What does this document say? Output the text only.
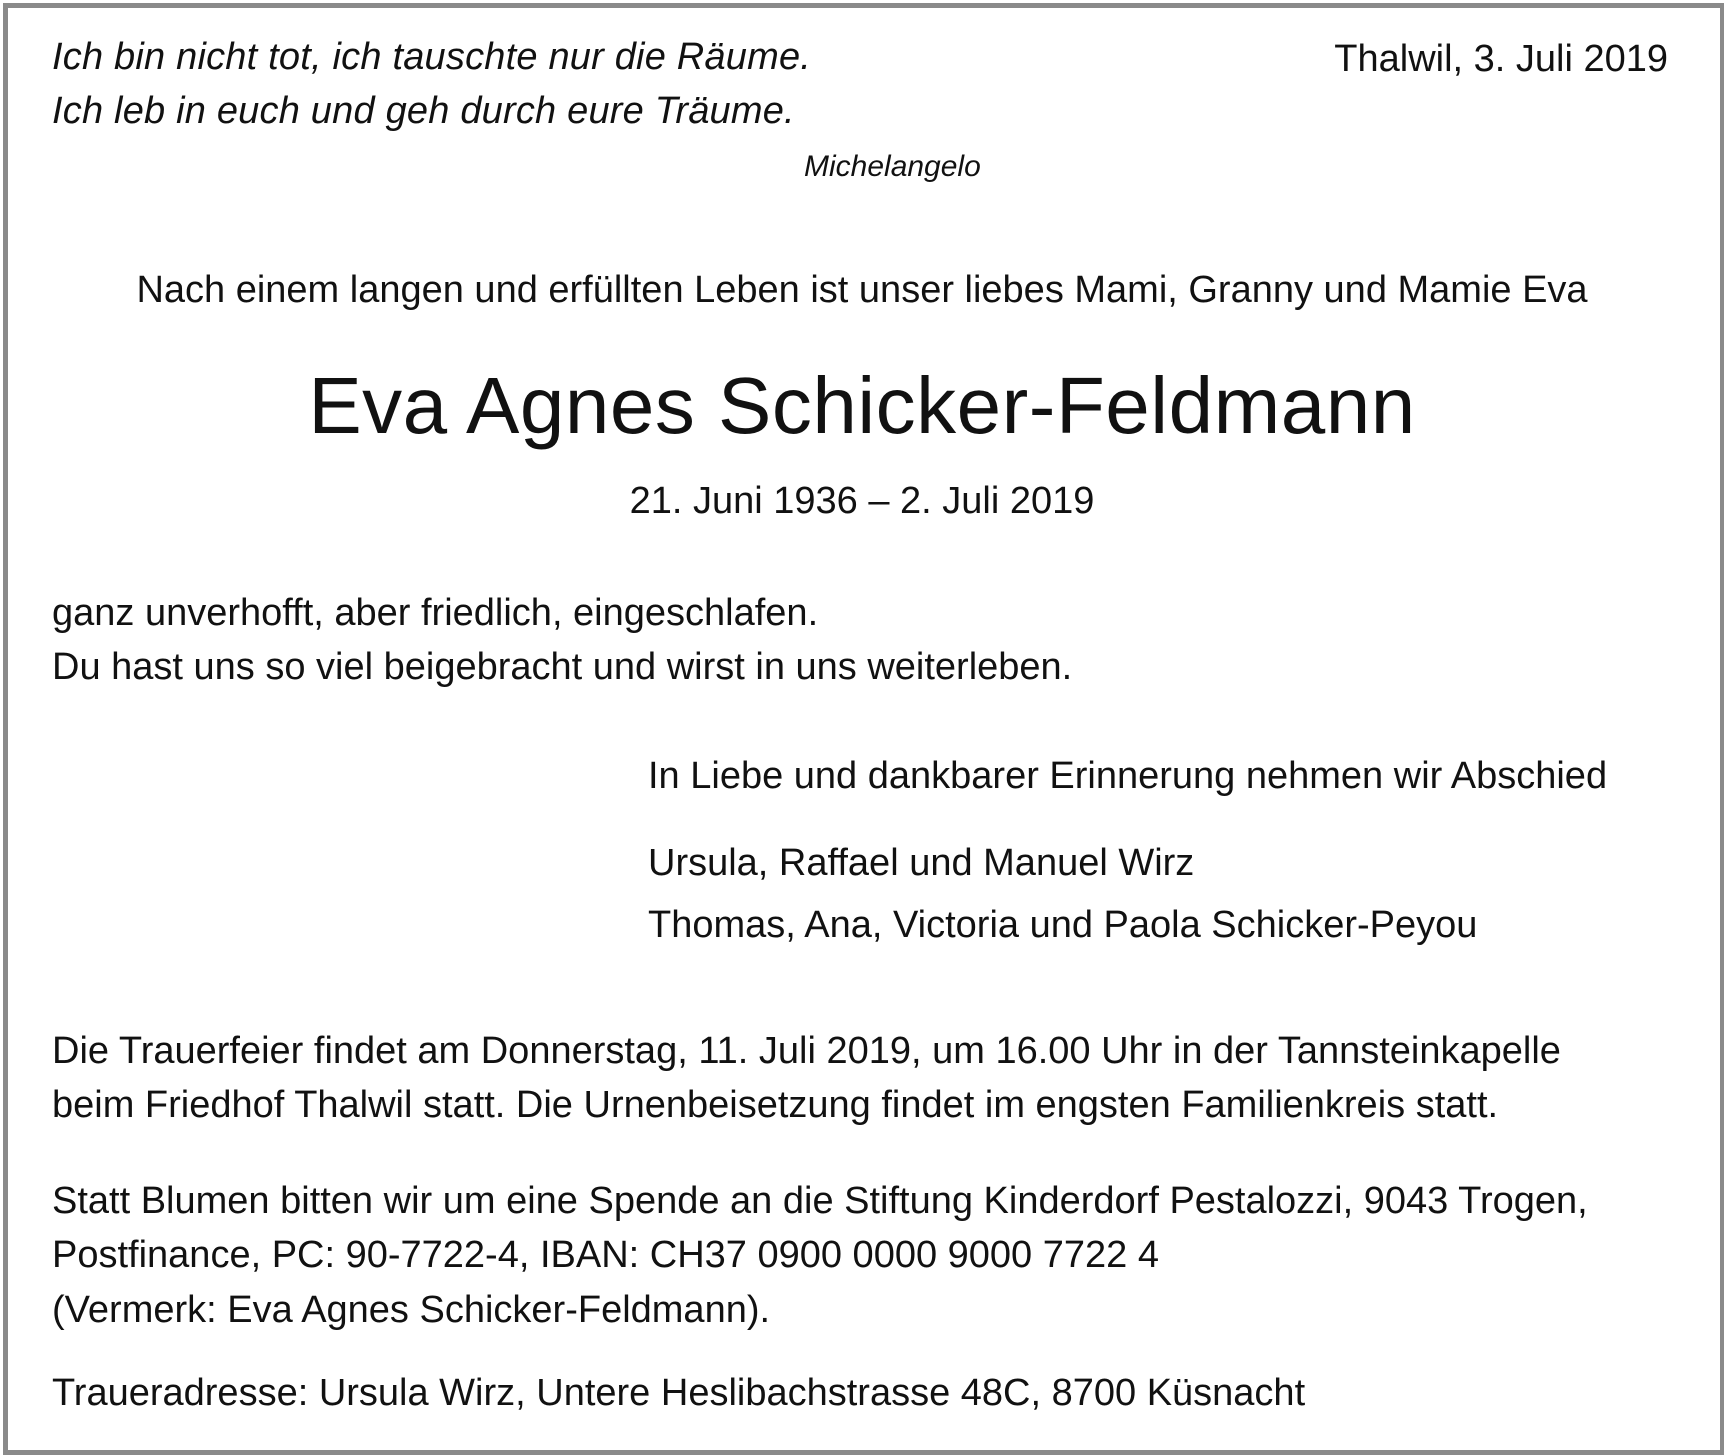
Ich bin nicht tot, ich tauschte nur die Räume.
Ich leb in euch und geh durch eure Träume.
Michelangelo
Thalwil, 3. Juli 2019
Nach einem langen und erfüllten Leben ist unser liebes Mami, Granny und Mamie Eva
Eva Agnes Schicker-Feldmann
21. Juni 1936 – 2. Juli 2019
ganz unverhofft, aber friedlich, eingeschlafen.
Du hast uns so viel beigebracht und wirst in uns weiterleben.
In Liebe und dankbarer Erinnerung nehmen wir Abschied
Ursula, Raffael und Manuel Wirz
Thomas, Ana, Victoria und Paola Schicker-Peyou
Die Trauerfeier findet am Donnerstag, 11. Juli 2019, um 16.00 Uhr in der Tannsteinkapelle
beim Friedhof Thalwil statt. Die Urnenbeisetzung findet im engsten Familienkreis statt.
Statt Blumen bitten wir um eine Spende an die Stiftung Kinderdorf Pestalozzi, 9043 Trogen,
Postfinance, PC: 90-7722-4, IBAN: CH37 0900 0000 9000 7722 4
(Vermerk: Eva Agnes Schicker-Feldmann).
Traueradresse: Ursula Wirz, Untere Heslibachstrasse 48C, 8700 Küsnacht
